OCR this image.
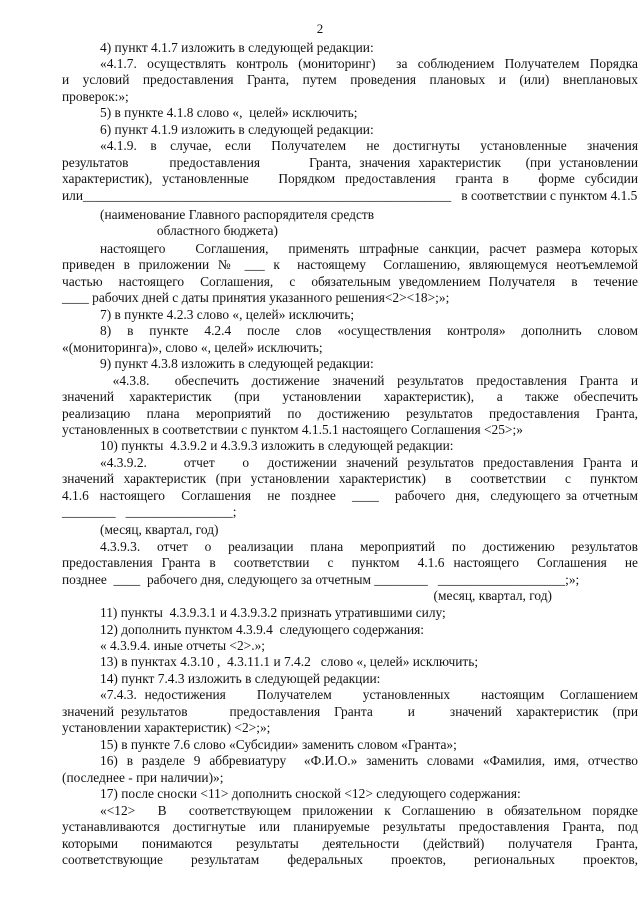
2
4) пункт 4.1.7 изложить в следующей редакции:
«4.1.7. осуществлять контроль (мониторинг)  за соблюдением Получателем Порядка
и условий предоставления Гранта, путем проведения плановых и (или) внеплановых
проверок:»;
5) в пункте 4.1.8 слово «,  целей» исключить;
6) пункт 4.1.9 изложить в следующей редакции:
«4.1.9.  в  случае,  если   Получателем   не  достигнуты   установленные   значения
результатов     предоставления      Гранта, значения характеристик   (при установлении
характеристик), установленные   Порядком предоставления  гранта в   форме субсидии
или_______________________________________________________   в соответствии с пунктом 4.1.5
(наименование Главного распорядителя средств
областного бюджета)
настоящего   Соглашения,  применять штрафные санкции, расчет размера которых
приведен в приложении № ___ к  настоящему  Соглашению, являющемуся неотъемлемой
частью  настоящего  Соглашения,  с  обязательным уведомлением Получателя  в  течение
____ рабочих дней с даты принятия указанного решения<2><18>;»;
7) в пункте 4.2.3 слово «, целей» исключить;
8)  в  пункте  4.2.4  после  слов  «осуществления  контроля»  дополнить  словом
«(мониторинга)», слово «, целей» исключить;
9) пункт 4.3.8 изложить в следующей редакции:
«4.3.8.  обеспечить достижение значений результатов предоставления Гранта и
значений  характеристик   (при   установлении   характеристик),   а   также  обеспечить
реализацию плана мероприятий по достижению результатов предоставления Гранта,
установленных в соответствии с пунктом 4.1.5.1 настоящего Соглашения <25>;»
10) пункты  4.3.9.2 и 4.3.9.3 изложить в следующей редакции:
«4.3.9.2.    отчет   о  достижении значений результатов предоставления Гранта и
значений характеристик (при установлении характеристик)  в  соответствии  с  пунктом
4.1.6  настоящего   Соглашения   не  позднее   ____   рабочего  дня,  следующего за отчетным
________   ________________;
(месяц, квартал, год)
4.3.9.3.  отчет  о  реализации  плана  мероприятий  по  достижению  результатов
предоставления Гранта в  соответствии  с  пунктом  4.1.6 настоящего  Соглашения  не
позднее  ____  рабочего дня, следующего за отчетным ________   ___________________;»;
(месяц, квартал, год)
11) пункты  4.3.9.3.1 и 4.3.9.3.2 признать утратившими силу;
12) дополнить пунктом 4.3.9.4  следующего содержания:
« 4.3.9.4. иные отчеты <2>.»;
13) в пунктах 4.3.10 ,  4.3.11.1 и 7.4.2   слово «, целей» исключить;
14) пункт 7.4.3 изложить в следующей редакции:
«7.4.3. недостижения    Получателем    установленных    настоящим  Соглашением
значений результатов      предоставления  Гранта     и     значений  характеристик  (при
установлении характеристик) <2>;»;
15) в пункте 7.6 слово «Субсидии» заменить словом «Гранта»;
16) в разделе 9 аббревиатуру  «Ф.И.О.» заменить словами «Фамилия, имя, отчество
(последнее - при наличии)»;
17) после сноски <11> дополнить сноской <12> следующего содержания:
«<12>  В  соответствующем приложении к Соглашению в обязательном порядке
устанавливаются достигнутые или планируемые результаты предоставления Гранта, под
которыми   понимаются   результаты   деятельности   (действий)   получателя   Гранта,
соответствующие   результатам   федеральных   проектов,   региональных   проектов,
